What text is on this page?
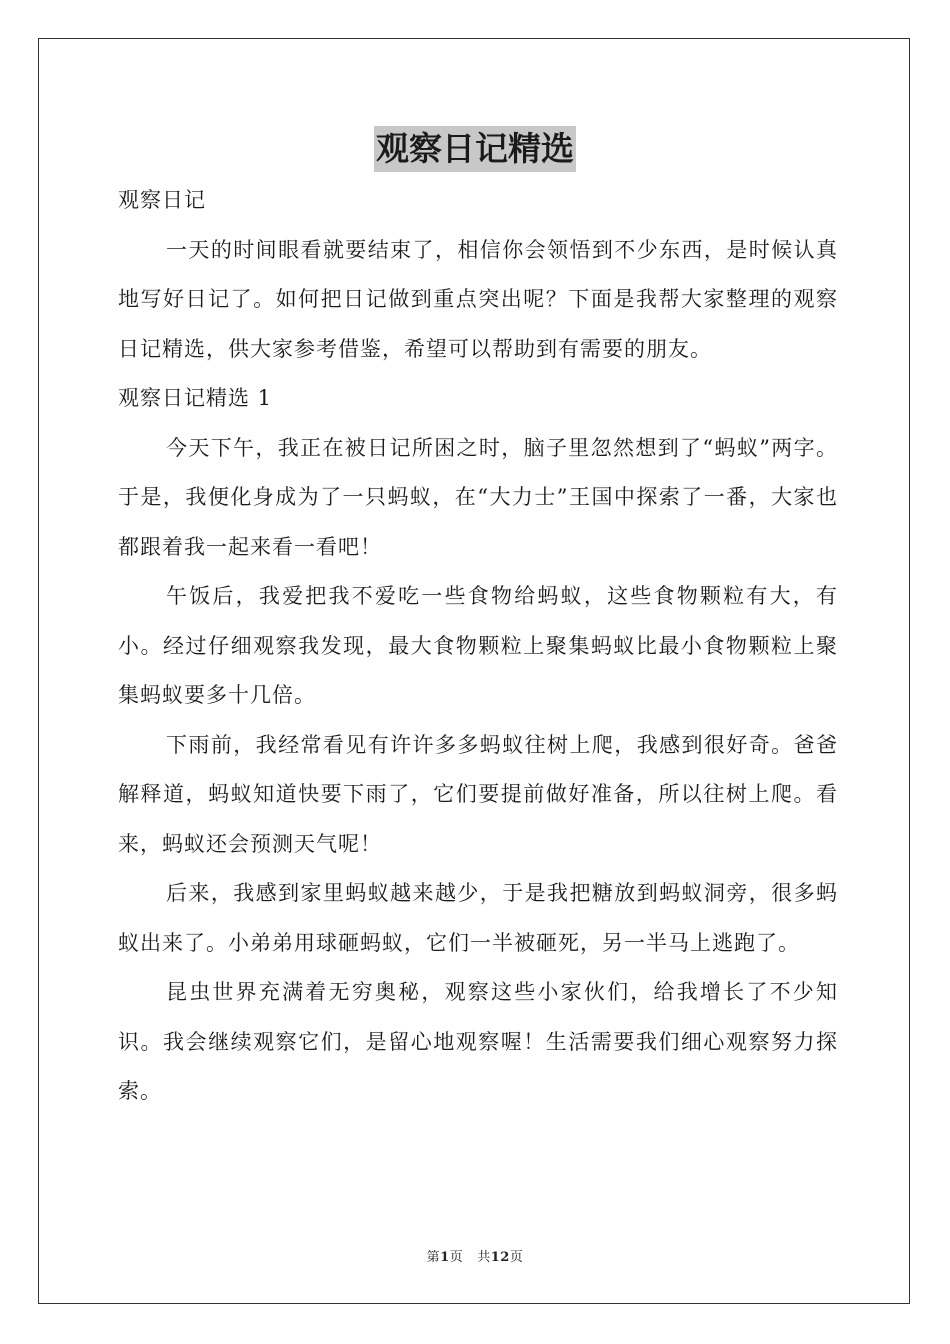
观察日记精选

观察日记

一天的时间眼看就要结束了，相信你会领悟到不少东西，是时候认真地写好日记了。如何把日记做到重点突出呢？下面是我帮大家整理的观察日记精选，供大家参考借鉴，希望可以帮助到有需要的朋友。

观察日记精选 1

今天下午，我正在被日记所困之时，脑子里忽然想到了“蚂蚁”两字。于是，我便化身成为了一只蚂蚁，在“大力士”王国中探索了一番，大家也都跟着我一起来看一看吧！

午饭后，我爱把我不爱吃一些食物给蚂蚁，这些食物颗粒有大，有小。经过仔细观察我发现，最大食物颗粒上聚集蚂蚁比最小食物颗粒上聚集蚂蚁要多十几倍。

下雨前，我经常看见有许许多多蚂蚁往树上爬，我感到很好奇。爸爸解释道，蚂蚁知道快要下雨了，它们要提前做好准备，所以往树上爬。看来，蚂蚁还会预测天气呢！

后来，我感到家里蚂蚁越来越少，于是我把糖放到蚂蚁洞旁，很多蚂蚁出来了。小弟弟用球砸蚂蚁，它们一半被砸死，另一半马上逃跑了。

昆虫世界充满着无穷奥秘，观察这些小家伙们，给我增长了不少知识。我会继续观察它们，是留心地观察喔！生活需要我们细心观察努力探索。

第1页 共12页
